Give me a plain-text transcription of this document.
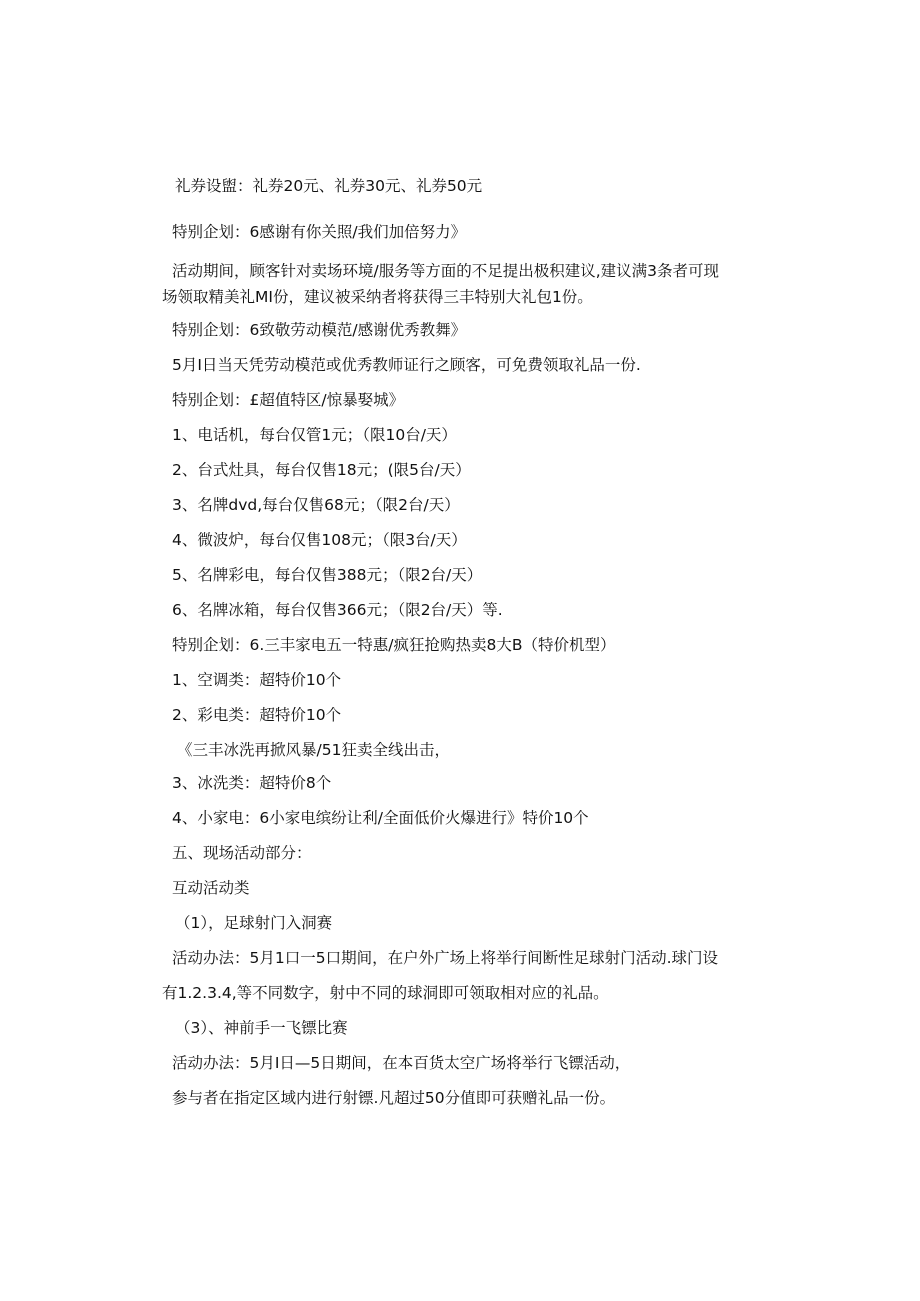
礼券设盥：礼券20元、礼券30元、礼券50元

特别企划：6感谢有你关照/我们加倍努力》

活动期间，顾客针对卖场环境/服务等方面的不足提出极积建议,建议满3条者可现

场领取精美礼MI份，建议被采纳者将获得三丰特别大礼包1份。

特别企划：6致敬劳动模范/感谢优秀教舞》

5月I日当天凭劳动模范或优秀教师证行之顾客，可免费领取礼品一份.

特别企划：£超值特区/惊暴娶城》

1、电话机，每台仅管1元；（限10台/天）

2、台式灶具，每台仅售18元；(限5台/天）

3、名牌dvd,每台仅售68元；（限2台/天）

4、微波炉，每台仅售108元；（限3台/天）

5、名牌彩电，每台仅售388元；（限2台/天）

6、名牌冰箱，每台仅售366元；（限2台/天）等.

特别企划：6.三丰家电五一特惠/疯狂抢购热卖8大B（特价机型）

1、空调类：超特价10个

2、彩电类：超特价10个

《三丰冰洗再掀风暴/51狂卖全线出击，

3、冰洗类：超特价8个

4、小家电：6小家电缤纷让利/全面低价火爆进行》特价10个

五、现场活动部分：

互动活动类

（1），足球射门入洞赛

活动办法：5月1口一5口期间，在户外广场上将举行间断性足球射门活动.球门设

有1.2.3.4,等不同数字，射中不同的球洞即可领取相对应的礼品。

（3）、神前手一飞镖比赛

活动办法：5月I日—5日期间，在本百货太空广场将举行飞镖活动，

参与者在指定区域内进行射镖.凡超过50分值即可获赠礼品一份。
